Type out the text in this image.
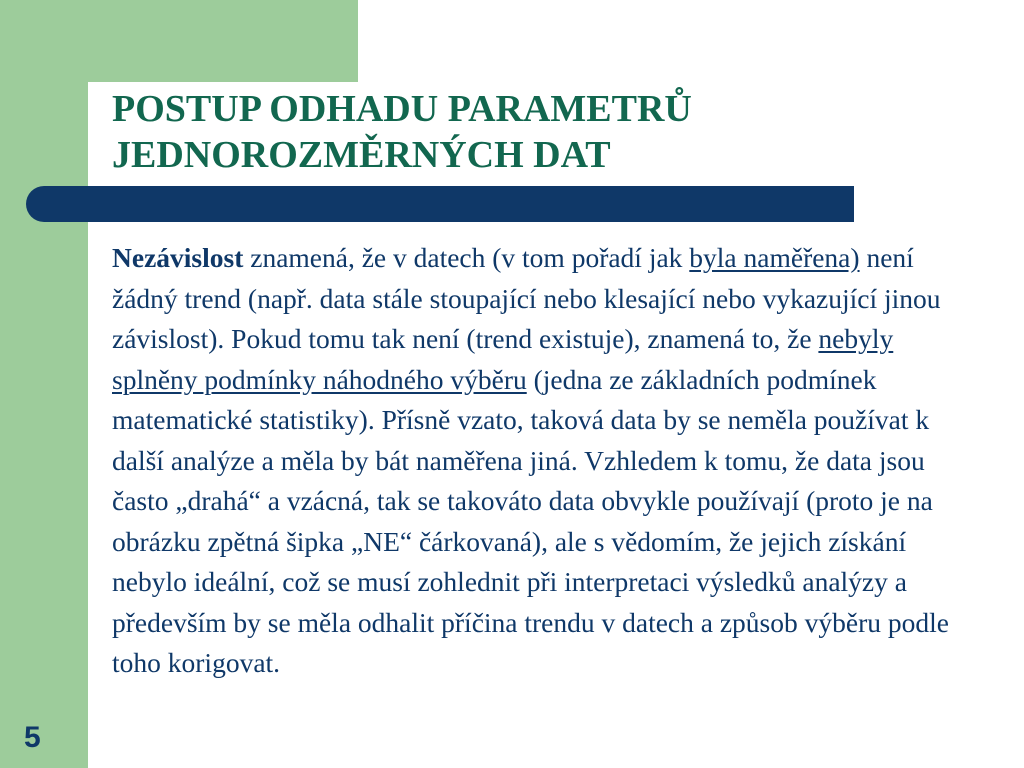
POSTUP ODHADU PARAMETRŮ
JEDNOROZMĚRNÝCH DAT

Nezávislost znamená, že v datech (v tom pořadí jak byla naměřena) není žádný trend (např. data stále stoupající nebo klesající nebo vykazující jinou závislost). Pokud tomu tak není (trend existuje), znamená to, že nebyly splněny podmínky náhodného výběru (jedna ze základních podmínek matematické statistiky). Přísně vzato, taková data by se neměla používat k další analýze a měla by bát naměřena jiná. Vzhledem k tomu, že data jsou často „drahá“ a vzácná, tak se takováto data obvykle používají (proto je na obrázku zpětná šipka „NE“ čárkovaná), ale s vědomím, že jejich získání nebylo ideální, což se musí zohlednit při interpretaci výsledků analýzy a především by se měla odhalit příčina trendu v datech a způsob výběru podle toho korigovat.

5
